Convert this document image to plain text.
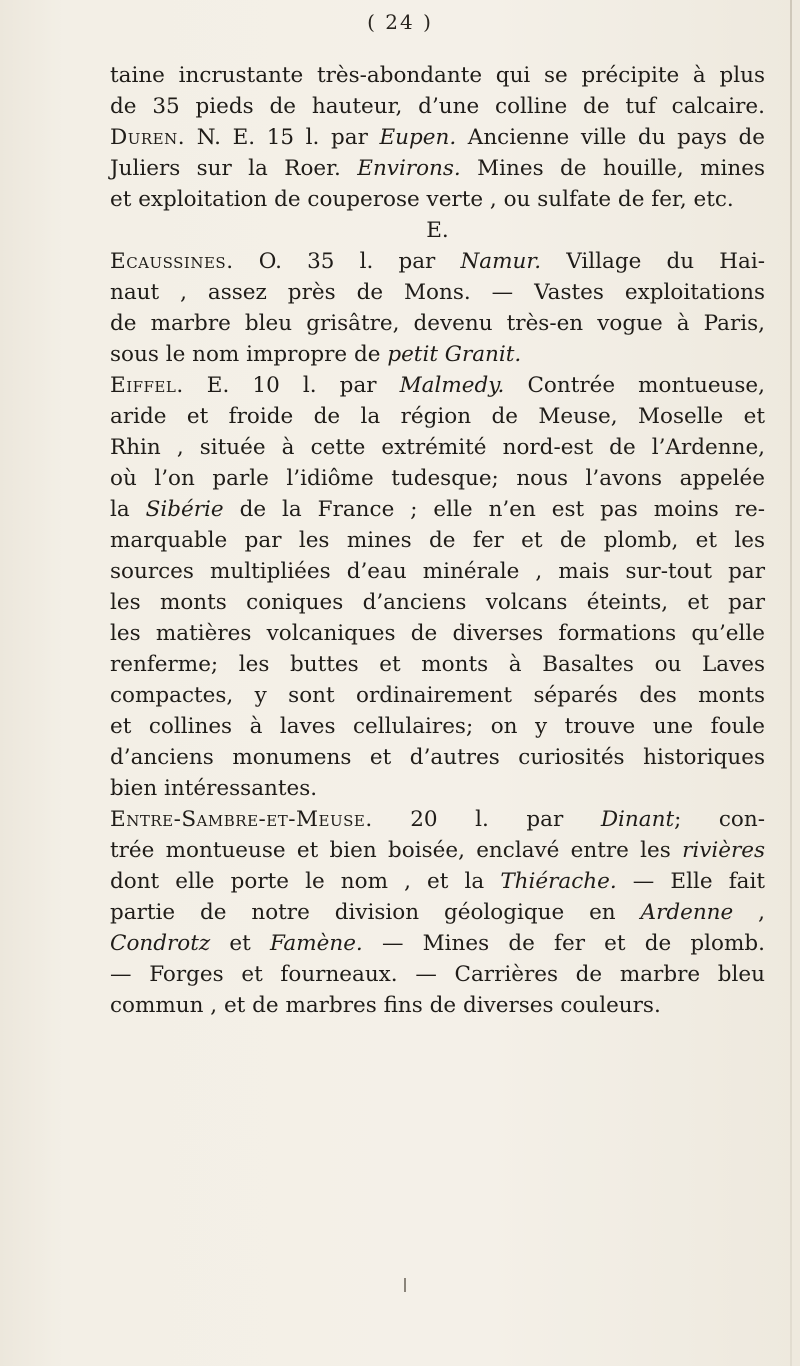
( 24 )
taine incrustante très-abondante qui se précipite à plus
de 35 pieds de hauteur, d’une colline de tuf calcaire.
Duren. N. E. 15 l. par Eupen. Ancienne ville du pays de
Juliers sur la Roer. Environs. Mines de houille, mines
et exploitation de couperose verte , ou sulfate de fer, etc.
E.
Ecaussines. O. 35 l. par Namur. Village du Hai-
naut , assez près de Mons. — Vastes exploitations
de marbre bleu grisâtre, devenu très-en vogue à Paris,
sous le nom impropre de petit Granit.
Eiffel. E. 10 l. par Malmedy. Contrée montueuse,
aride et froide de la région de Meuse, Moselle et
Rhin , située à cette extrémité nord-est de l’Ardenne,
où l’on parle l’idiôme tudesque; nous l’avons appelée
la Sibérie de la France ; elle n’en est pas moins re-
marquable par les mines de fer et de plomb, et les
sources multipliées d’eau minérale , mais sur-tout par
les monts coniques d’anciens volcans éteints, et par
les matières volcaniques de diverses formations qu’elle
renferme; les buttes et monts à Basaltes ou Laves
compactes, y sont ordinairement séparés des monts
et collines à laves cellulaires; on y trouve une foule
d’anciens monumens et d’autres curiosités historiques
bien intéressantes.
Entre-Sambre-et-Meuse. 20 l. par Dinant; con-
trée montueuse et bien boisée, enclavé entre les rivières
dont elle porte le nom , et la Thiérache. — Elle fait
partie de notre division géologique en Ardenne ,
Condrotz et Famène. — Mines de fer et de plomb.
— Forges et fourneaux. — Carrières de marbre bleu
commun , et de marbres fins de diverses couleurs.
